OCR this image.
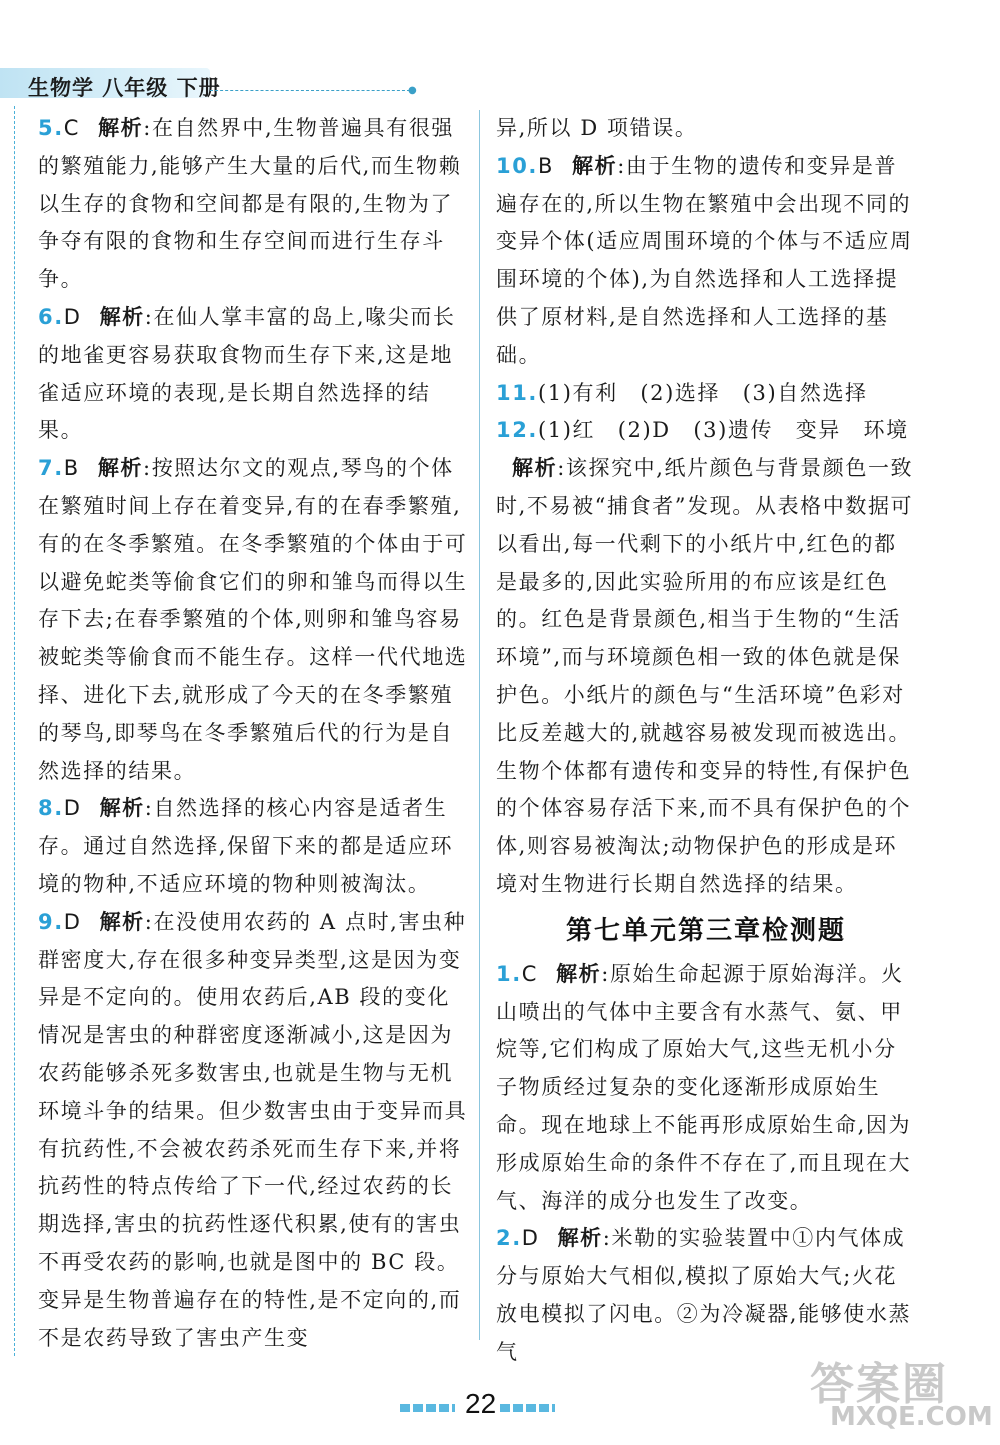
生物学 八年级 下册	●

5.C 解析:在自然界中,生物普遍具有很强的繁殖能力,能够产生大量的后代,而生物赖以生存的食物和空间都是有限的,生物为了争夺有限的食物和生存空间而进行生存斗争。

6.D 解析:在仙人掌丰富的岛上,喙尖而长的地雀更容易获取食物而生存下来,这是地雀适应环境的表现,是长期自然选择的结果。

7.B 解析:按照达尔文的观点,琴鸟的个体在繁殖时间上存在着变异,有的在春季繁殖,有的在冬季繁殖。在冬季繁殖的个体由于可以避免蛇类等偷食它们的卵和雏鸟而得以生存下去;在春季繁殖的个体,则卵和雏鸟容易被蛇类等偷食而不能生存。这样一代代地选择、进化下去,就形成了今天的在冬季繁殖的琴鸟,即琴鸟在冬季繁殖后代的行为是自然选择的结果。

8.D 解析:自然选择的核心内容是适者生存。通过自然选择,保留下来的都是适应环境的物种,不适应环境的物种则被淘汰。

9.D 解析:在没使用农药的 A 点时,害虫种群密度大,存在很多种变异类型,这是因为变异是不定向的。使用农药后,AB 段的变化情况是害虫的种群密度逐渐减小,这是因为农药能够杀死多数害虫,也就是生物与无机环境斗争的结果。但少数害虫由于变异而具有抗药性,不会被农药杀死而生存下来,并将抗药性的特点传给了下一代,经过农药的长期选择,害虫的抗药性逐代积累,使有的害虫不再受农药的影响,也就是图中的 BC 段。变异是生物普遍存在的特性,是不定向的,而不是农药导致了害虫产生变

异,所以 D 项错误。

10.B 解析:由于生物的遗传和变异是普遍存在的,所以生物在繁殖中会出现不同的变异个体(适应周围环境的个体与不适应周围环境的个体),为自然选择和人工选择提供了原材料,是自然选择和人工选择的基础。

11.(1)有利　(2)选择　(3)自然选择

12.(1)红　(2)D　(3)遗传　变异　环境

解析:该探究中,纸片颜色与背景颜色一致时,不易被“捕食者”发现。从表格中数据可以看出,每一代剩下的小纸片中,红色的都是最多的,因此实验所用的布应该是红色的。红色是背景颜色,相当于生物的“生活环境”,而与环境颜色相一致的体色就是保护色。小纸片的颜色与“生活环境”色彩对比反差越大的,就越容易被发现而被选出。生物个体都有遗传和变异的特性,有保护色的个体容易存活下来,而不具有保护色的个体,则容易被淘汰;动物保护色的形成是环境对生物进行长期自然选择的结果。

第七单元第三章检测题

1.C 解析:原始生命起源于原始海洋。火山喷出的气体中主要含有水蒸气、氨、甲烷等,它们构成了原始大气,这些无机小分子物质经过复杂的变化逐渐形成原始生命。现在地球上不能再形成原始生命,因为形成原始生命的条件不存在了,而且现在大气、海洋的成分也发生了改变。

2.D 解析:米勒的实验装置中①内气体成分与原始大气相似,模拟了原始大气;火花放电模拟了闪电。②为冷凝器,能够使水蒸气

22	答案圈
MXQE.COM
